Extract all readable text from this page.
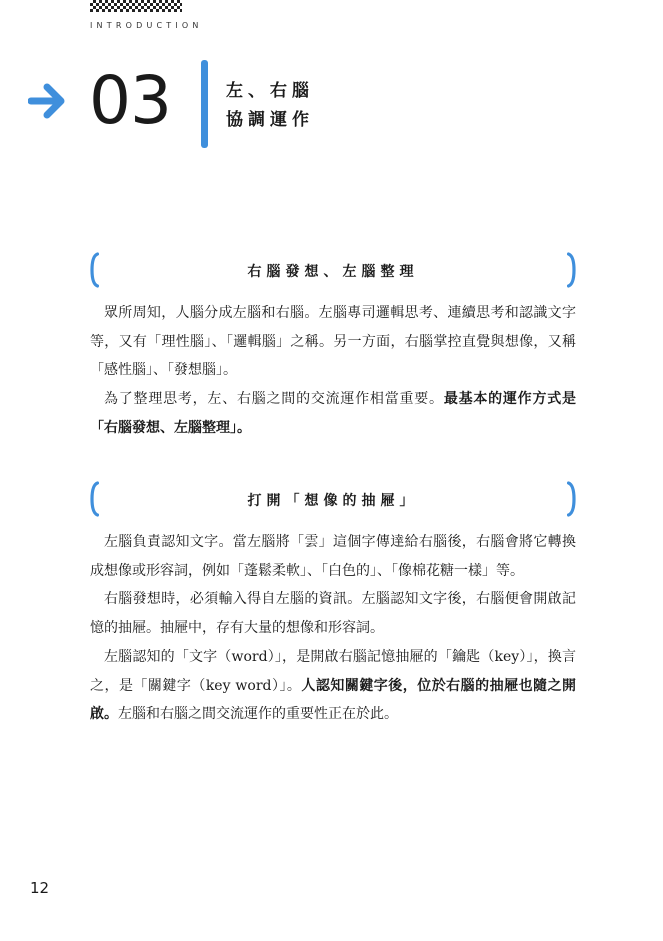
INTRODUCTION
03	左、右腦
協調運作
右腦發想、左腦整理

眾所周知，人腦分成左腦和右腦。左腦專司邏輯思考、連續思考和認識文字等，又有「理性腦」、「邏輯腦」之稱。另一方面，右腦掌控直覺與想像，又稱「感性腦」、「發想腦」。

為了整理思考，左、右腦之間的交流運作相當重要。最基本的運作方式是「右腦發想、左腦整理」。

打開「想像的抽屜」

左腦負責認知文字。當左腦將「雲」這個字傳達給右腦後，右腦會將它轉換成想像或形容詞，例如「蓬鬆柔軟」、「白色的」、「像棉花糖一樣」等。

右腦發想時，必須輸入得自左腦的資訊。左腦認知文字後，右腦便會開啟記憶的抽屜。抽屜中，存有大量的想像和形容詞。

左腦認知的「文字（word）」，是開啟右腦記憶抽屜的「鑰匙（key）」，換言之，是「關鍵字（key word）」。人認知關鍵字後，位於右腦的抽屜也隨之開啟。左腦和右腦之間交流運作的重要性正在於此。

12
